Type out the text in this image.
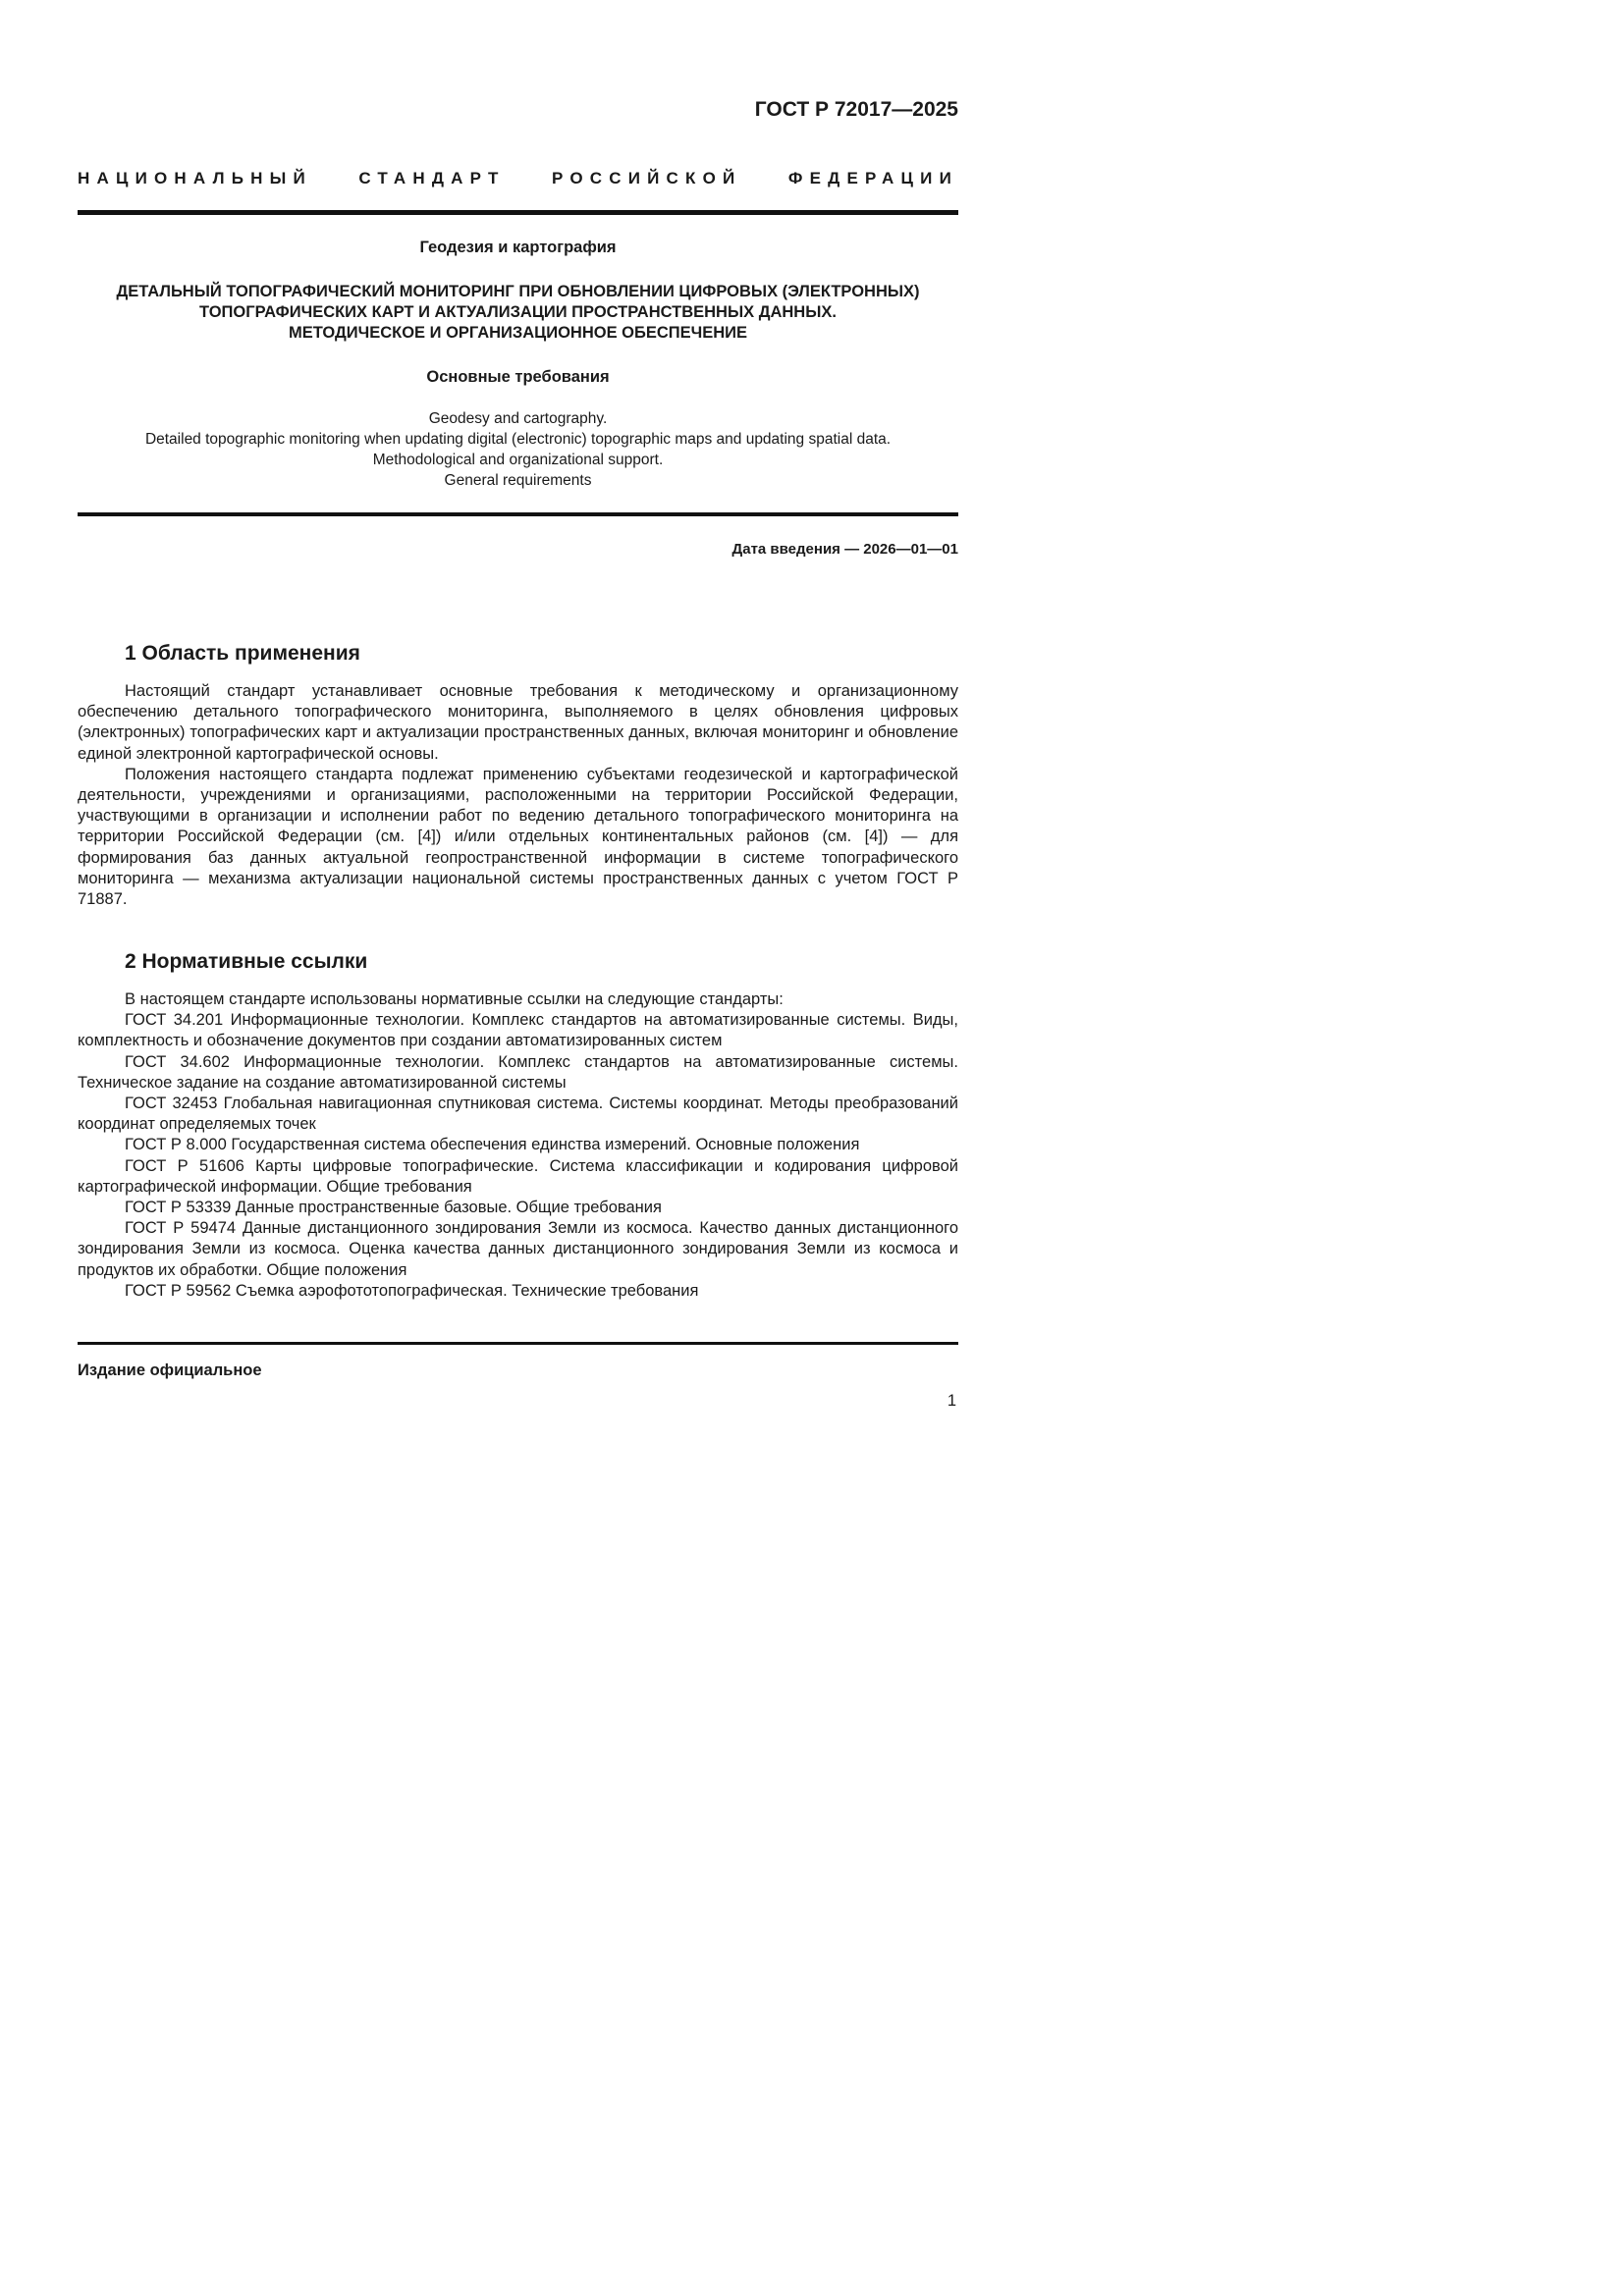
ГОСТ Р 72017—2025
НАЦИОНАЛЬНЫЙ СТАНДАРТ РОССИЙСКОЙ ФЕДЕРАЦИИ
Геодезия и картография
ДЕТАЛЬНЫЙ ТОПОГРАФИЧЕСКИЙ МОНИТОРИНГ ПРИ ОБНОВЛЕНИИ ЦИФРОВЫХ (ЭЛЕКТРОННЫХ)
ТОПОГРАФИЧЕСКИХ КАРТ И АКТУАЛИЗАЦИИ ПРОСТРАНСТВЕННЫХ ДАННЫХ.
МЕТОДИЧЕСКОЕ И ОРГАНИЗАЦИОННОЕ ОБЕСПЕЧЕНИЕ
Основные требования
Geodesy and cartography.
Detailed topographic monitoring when updating digital (electronic) topographic maps and updating spatial data.
Methodological and organizational support.
General requirements
Дата введения — 2026—01—01
1 Область применения

Настоящий стандарт устанавливает основные требования к методическому и организационному обеспечению детального топографического мониторинга, выполняемого в целях обновления цифровых (электронных) топографических карт и актуализации пространственных данных, включая мониторинг и обновление единой электронной картографической основы.

Положения настоящего стандарта подлежат применению субъектами геодезической и картографической деятельности, учреждениями и организациями, расположенными на территории Российской Федерации, участвующими в организации и исполнении работ по ведению детального топографического мониторинга на территории Российской Федерации (см. [4]) и/или отдельных континентальных районов (см. [4]) — для формирования баз данных актуальной геопространственной информации в системе топографического мониторинга — механизма актуализации национальной системы пространственных данных с учетом ГОСТ Р 71887.

2 Нормативные ссылки

В настоящем стандарте использованы нормативные ссылки на следующие стандарты:

ГОСТ 34.201 Информационные технологии. Комплекс стандартов на автоматизированные системы. Виды, комплектность и обозначение документов при создании автоматизированных систем

ГОСТ 34.602 Информационные технологии. Комплекс стандартов на автоматизированные системы. Техническое задание на создание автоматизированной системы

ГОСТ 32453 Глобальная навигационная спутниковая система. Системы координат. Методы преобразований координат определяемых точек

ГОСТ Р 8.000 Государственная система обеспечения единства измерений. Основные положения

ГОСТ Р 51606 Карты цифровые топографические. Система классификации и кодирования цифровой картографической информации. Общие требования

ГОСТ Р 53339 Данные пространственные базовые. Общие требования

ГОСТ Р 59474 Данные дистанционного зондирования Земли из космоса. Качество данных дистанционного зондирования Земли из космоса. Оценка качества данных дистанционного зондирования Земли из космоса и продуктов их обработки. Общие положения

ГОСТ Р 59562 Съемка аэрофототопографическая. Технические требования

Издание официальное
1
